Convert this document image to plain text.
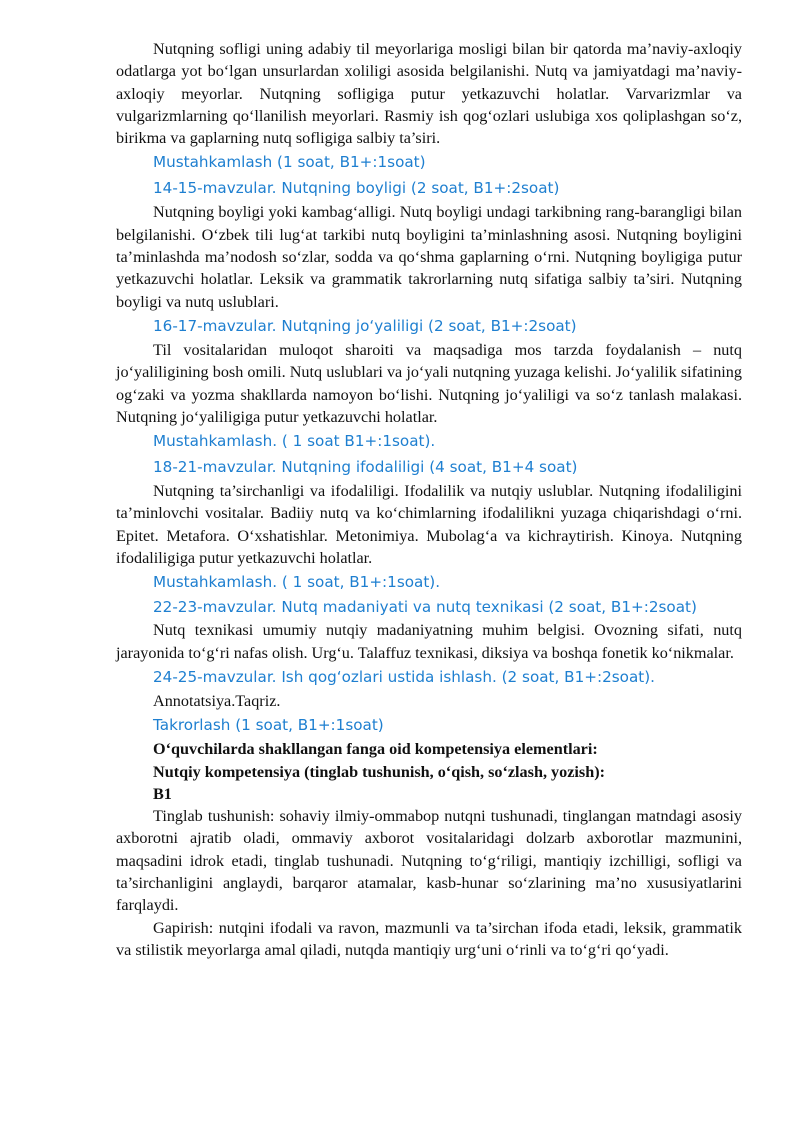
Nutqning sofligi uning adabiy til meyorlariga mosligi bilan bir qatorda ma’naviy-axloqiy odatlarga yot bo‘lgan unsurlardan xoliligi asosida belgilanishi. Nutq va jamiyatdagi ma’naviy-axloqiy meyorlar. Nutqning sofligiga putur yetkazuvchi holatlar. Varvarizmlar va vulgarizmlarning qo‘llanilish meyorlari. Rasmiy ish qog‘ozlari uslubiga xos qoliplashgan so‘z, birikma va gaplarning nutq sofligiga salbiy ta’siri.

Mustahkamlash (1 soat, B1+:1soat)

14-15-mavzular. Nutqning boyligi (2 soat, B1+:2soat)

Nutqning boyligi yoki kambag‘alligi. Nutq boyligi undagi tarkibning rang-barangligi bilan belgilanishi. O‘zbek tili lug‘at tarkibi nutq boyligini ta’minlashning asosi. Nutqning boyligini ta’minlashda ma’nodosh so‘zlar, sodda va qo‘shma gaplarning o‘rni. Nutqning boyligiga putur yetkazuvchi holatlar. Leksik va grammatik takrorlarning nutq sifatiga salbiy ta’siri. Nutqning boyligi va nutq uslublari.

16-17-mavzular. Nutqning jo‘yaliligi (2 soat, B1+:2soat)

Til vositalaridan muloqot sharoiti va maqsadiga mos tarzda foydalanish – nutq jo‘yaliligining bosh omili. Nutq uslublari va jo‘yali nutqning yuzaga kelishi. Jo‘yalilik sifatining og‘zaki va yozma shakllarda namoyon bo‘lishi. Nutqning jo‘yaliligi va so‘z tanlash malakasi. Nutqning jo‘yaliligiga putur yetkazuvchi holatlar.

Mustahkamlash. ( 1 soat B1+:1soat).

18-21-mavzular. Nutqning ifodaliligi (4 soat, B1+4 soat)

Nutqning ta’sirchanligi va ifodaliligi. Ifodalilik va nutqiy uslublar. Nutqning ifodaliligini ta’minlovchi vositalar. Badiiy nutq va ko‘chimlarning ifodalilikni yuzaga chiqarishdagi o‘rni. Epitet. Metafora. O‘xshatishlar. Metonimiya. Mubolag‘a va kichraytirish. Kinoya. Nutqning ifodaliligiga putur yetkazuvchi holatlar.

Mustahkamlash. ( 1 soat, B1+:1soat).

22-23-mavzular. Nutq madaniyati va nutq texnikasi (2 soat, B1+:2soat)

Nutq texnikasi umumiy nutqiy madaniyatning muhim belgisi. Ovozning sifati, nutq jarayonida to‘g‘ri nafas olish. Urg‘u. Talaffuz texnikasi, diksiya va boshqa fonetik ko‘nikmalar.

24-25-mavzular. Ish qog‘ozlari ustida ishlash. (2 soat, B1+:2soat).

Annotatsiya.Taqriz.

Takrorlash (1 soat, B1+:1soat)

O‘quvchilarda shakllangan fanga oid kompetensiya elementlari:

Nutqiy kompetensiya (tinglab tushunish, o‘qish, so‘zlash, yozish):

B1

Tinglab tushunish: sohaviy ilmiy-ommabop nutqni tushunadi, tinglangan matndagi asosiy axborotni ajratib oladi, ommaviy axborot vositalaridagi dolzarb axborotlar mazmunini, maqsadini idrok etadi, tinglab tushunadi. Nutqning to‘g‘riligi, mantiqiy izchilligi, sofligi va ta’sirchanligini anglaydi, barqaror atamalar, kasb-hunar so‘zlarining ma’no xususiyatlarini farqlaydi.

Gapirish: nutqini ifodali va ravon, mazmunli va ta’sirchan ifoda etadi, leksik, grammatik va stilistik meyorlarga amal qiladi, nutqda mantiqiy urg‘uni o‘rinli va to‘g‘ri qo‘yadi.
